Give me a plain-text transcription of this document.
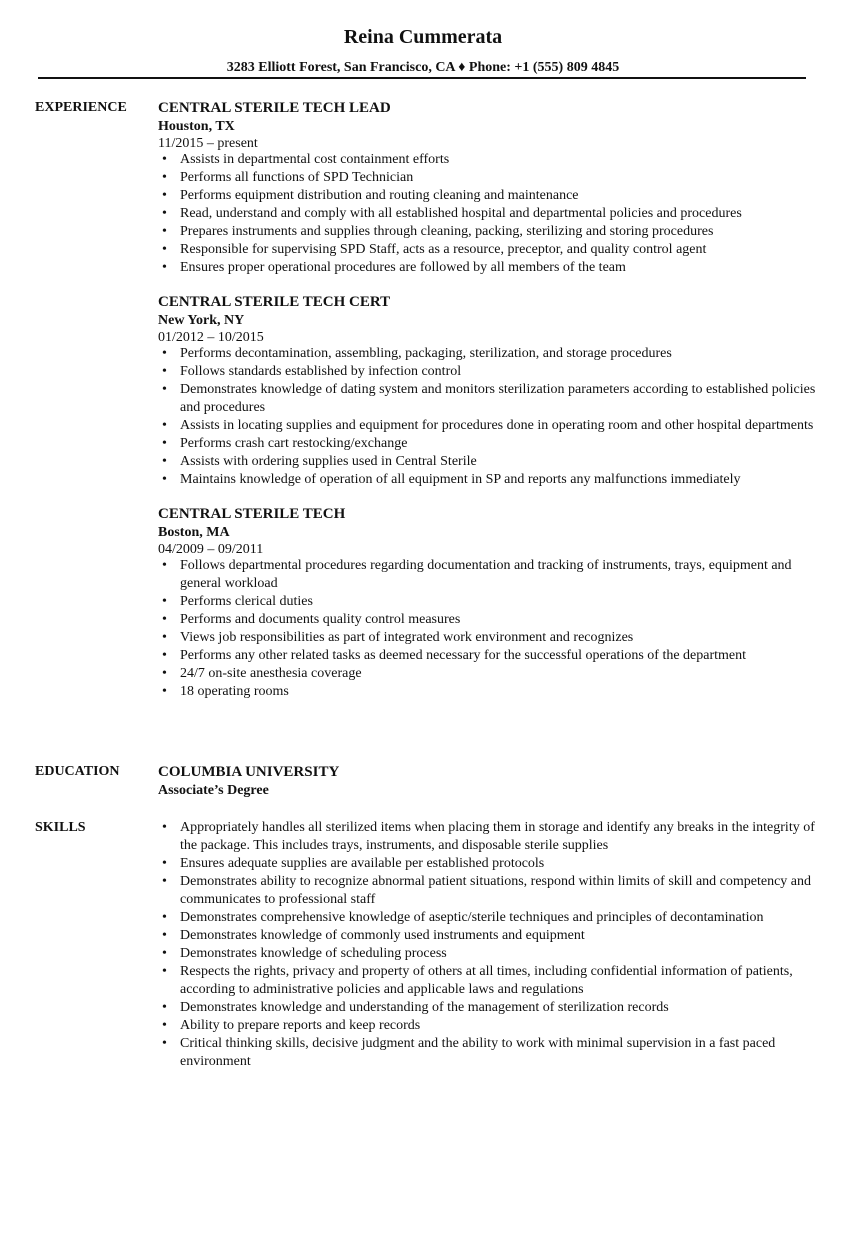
Reina Cummerata
3283 Elliott Forest, San Francisco, CA ♦ Phone: +1 (555) 809 4845
EXPERIENCE CENTRAL STERILE TECH LEAD
Houston, TX
11/2015 – present
• Assists in departmental cost containment efforts
• Performs all functions of SPD Technician
• Performs equipment distribution and routing cleaning and maintenance
• Read, understand and comply with all established hospital and departmental policies and procedures
• Prepares instruments and supplies through cleaning, packing, sterilizing and storing procedures
• Responsible for supervising SPD Staff, acts as a resource, preceptor, and quality control agent
• Ensures proper operational procedures are followed by all members of the team
CENTRAL STERILE TECH CERT
New York, NY
01/2012 – 10/2015
• Performs decontamination, assembling, packaging, sterilization, and storage procedures
• Follows standards established by infection control
• Demonstrates knowledge of dating system and monitors sterilization parameters according to established policies and procedures
• Assists in locating supplies and equipment for procedures done in operating room and other hospital departments
• Performs crash cart restocking/exchange
• Assists with ordering supplies used in Central Sterile
• Maintains knowledge of operation of all equipment in SP and reports any malfunctions immediately
CENTRAL STERILE TECH
Boston, MA
04/2009 – 09/2011
• Follows departmental procedures regarding documentation and tracking of instruments, trays, equipment and general workload
• Performs clerical duties
• Performs and documents quality control measures
• Views job responsibilities as part of integrated work environment and recognizes
• Performs any other related tasks as deemed necessary for the successful operations of the department
• 24/7 on-site anesthesia coverage
• 18 operating rooms
EDUCATION	COLUMBIA UNIVERSITY
Associate’s Degree
SKILLS
•	Appropriately handles all sterilized items when placing them in storage and identify any breaks in the integrity of the package. This includes trays, instruments, and disposable sterile supplies
• Ensures adequate supplies are available per established protocols
• Demonstrates ability to recognize abnormal patient situations, respond within limits of skill and competency and communicates to professional staff
• Demonstrates comprehensive knowledge of aseptic/sterile techniques and principles of decontamination
• Demonstrates knowledge of commonly used instruments and equipment
• Demonstrates knowledge of scheduling process
• Respects the rights, privacy and property of others at all times, including confidential information of patients, according to administrative policies and applicable laws and regulations
• Demonstrates knowledge and understanding of the management of sterilization records
• Ability to prepare reports and keep records
• Critical thinking skills, decisive judgment and the ability to work with minimal supervision in a fast paced environment
